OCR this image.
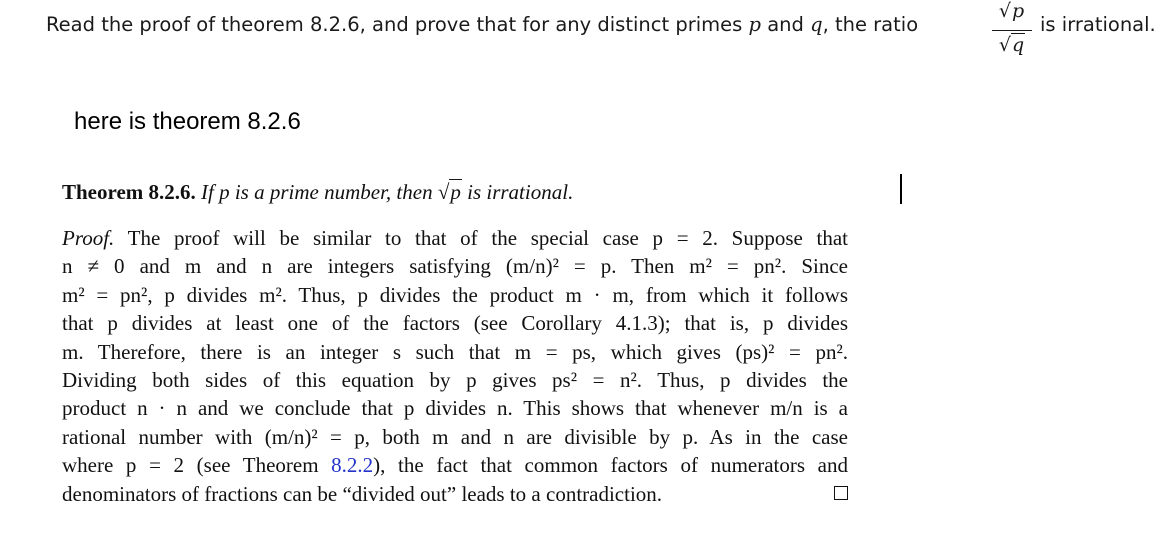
Read the proof of theorem 8.2.6, and prove that for any distinct primes p and q, the ratio
√p
√q
is irrational.
here is theorem 8.2.6
Theorem 8.2.6. If p is a prime number, then √p is irrational.
Proof. The proof will be similar to that of the special case p = 2. Suppose that
n ≠ 0 and m and n are integers satisfying (m/n)² = p. Then m² = pn². Since
m² = pn², p divides m². Thus, p divides the product m · m, from which it follows
that p divides at least one of the factors (see Corollary 4.1.3); that is, p divides
m. Therefore, there is an integer s such that m = ps, which gives (ps)² = pn².
Dividing both sides of this equation by p gives ps² = n². Thus, p divides the
product n · n and we conclude that p divides n. This shows that whenever m/n is a
rational number with (m/n)² = p, both m and n are divisible by p. As in the case
where p = 2 (see Theorem 8.2.2), the fact that common factors of numerators and
denominators of fractions can be “divided out” leads to a contradiction.
